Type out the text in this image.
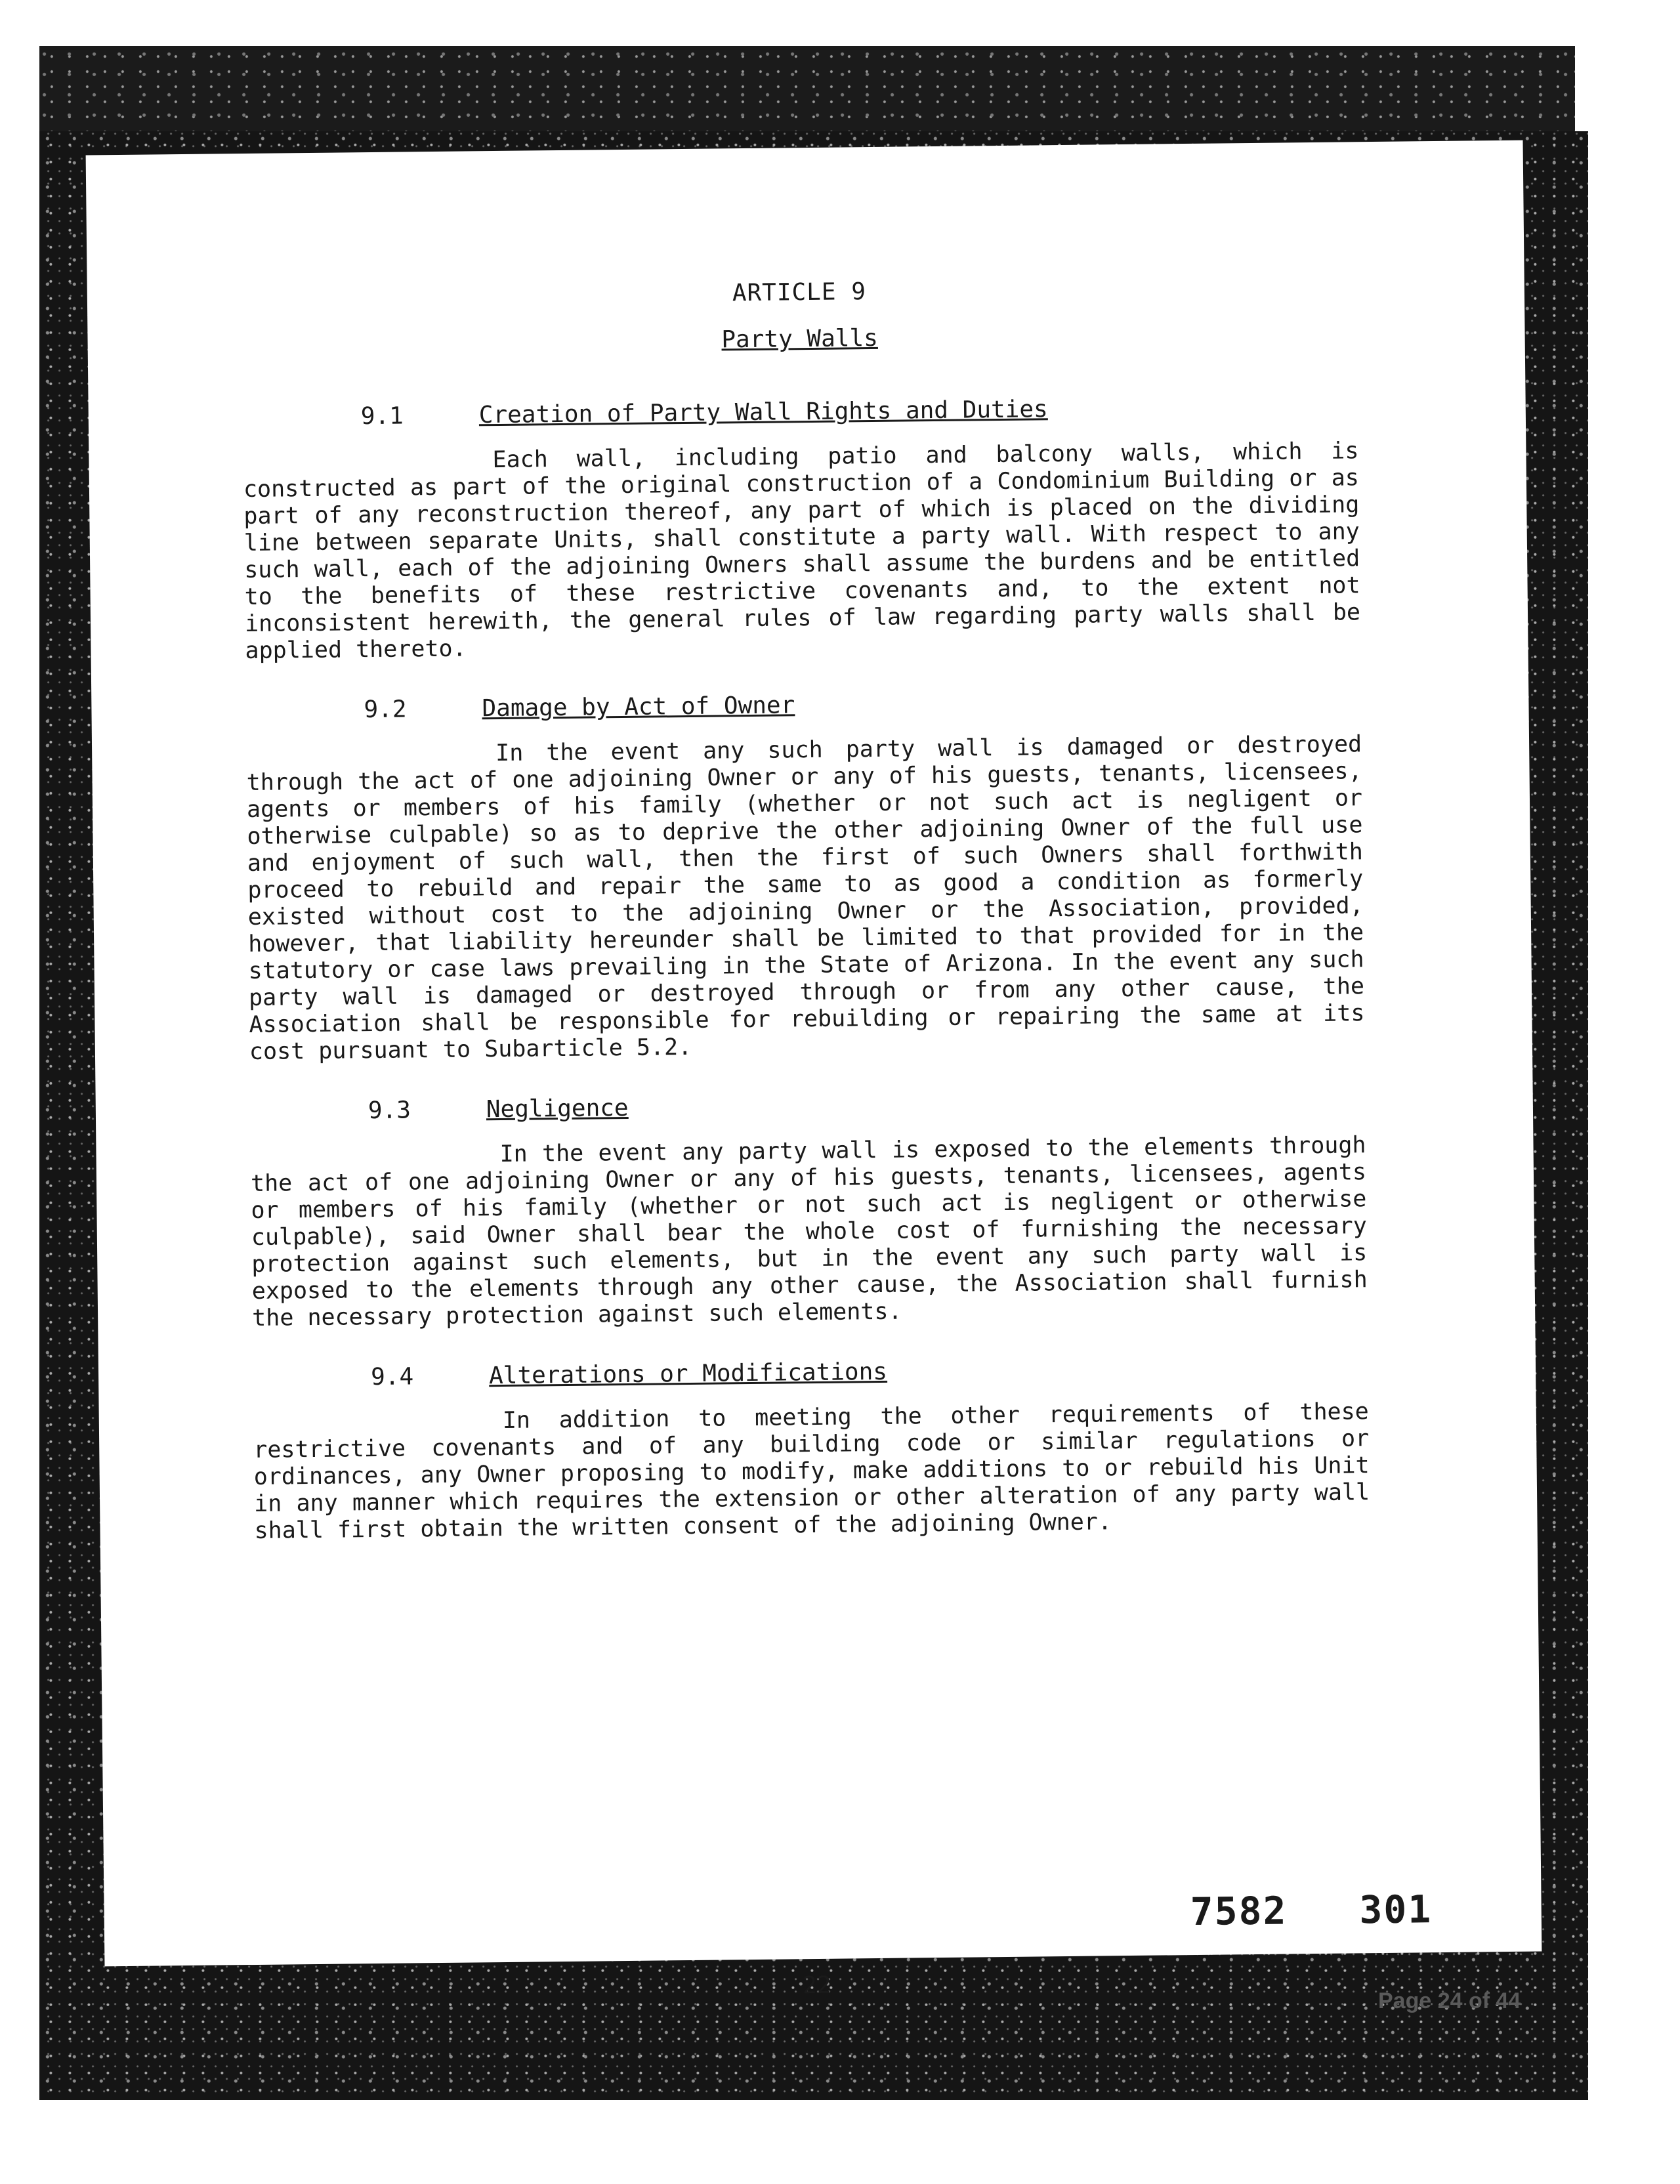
ARTICLE 9
Party Walls
9.1	Creation of Party Wall Rights and Duties

Each wall, including patio and balcony walls, which is constructed as part of the original construction of a Condominium Building or as part of any reconstruction thereof, any part of which is placed on the dividing line between separate Units, shall constitute a party wall. With respect to any such wall, each of the adjoining Owners shall assume the burdens and be entitled to the benefits of these restrictive covenants and, to the extent not inconsistent herewith, the general rules of law regarding party walls shall be applied thereto.

9.2	Damage by Act of Owner

In the event any such party wall is damaged or destroyed through the act of one adjoining Owner or any of his guests, tenants, licensees, agents or members of his family (whether or not such act is negligent or otherwise culpable) so as to deprive the other adjoining Owner of the full use and enjoyment of such wall, then the first of such Owners shall forthwith proceed to rebuild and repair the same to as good a condition as formerly existed without cost to the adjoining Owner or the Association, provided, however, that liability hereunder shall be limited to that provided for in the statutory or case laws prevailing in the State of Arizona. In the event any such party wall is damaged or destroyed through or from any other cause, the Association shall be responsible for rebuilding or repairing the same at its cost pursuant to Subarticle 5.2.

9.3	Negligence

In the event any party wall is exposed to the elements through the act of one adjoining Owner or any of his guests, tenants, licensees, agents or members of his family (whether or not such act is negligent or otherwise culpable), said Owner shall bear the whole cost of furnishing the necessary protection against such elements, but in the event any such party wall is exposed to the elements through any other cause, the Association shall furnish the necessary protection against such elements.

9.4	Alterations or Modifications

In addition to meeting the other requirements of these restrictive covenants and of any building code or similar regulations or ordinances, any Owner proposing to modify, make additions to or rebuild his Unit in any manner which requires the extension or other alteration of any party wall shall first obtain the written consent of the adjoining Owner.

7582 301
22
Page 24 of 44
